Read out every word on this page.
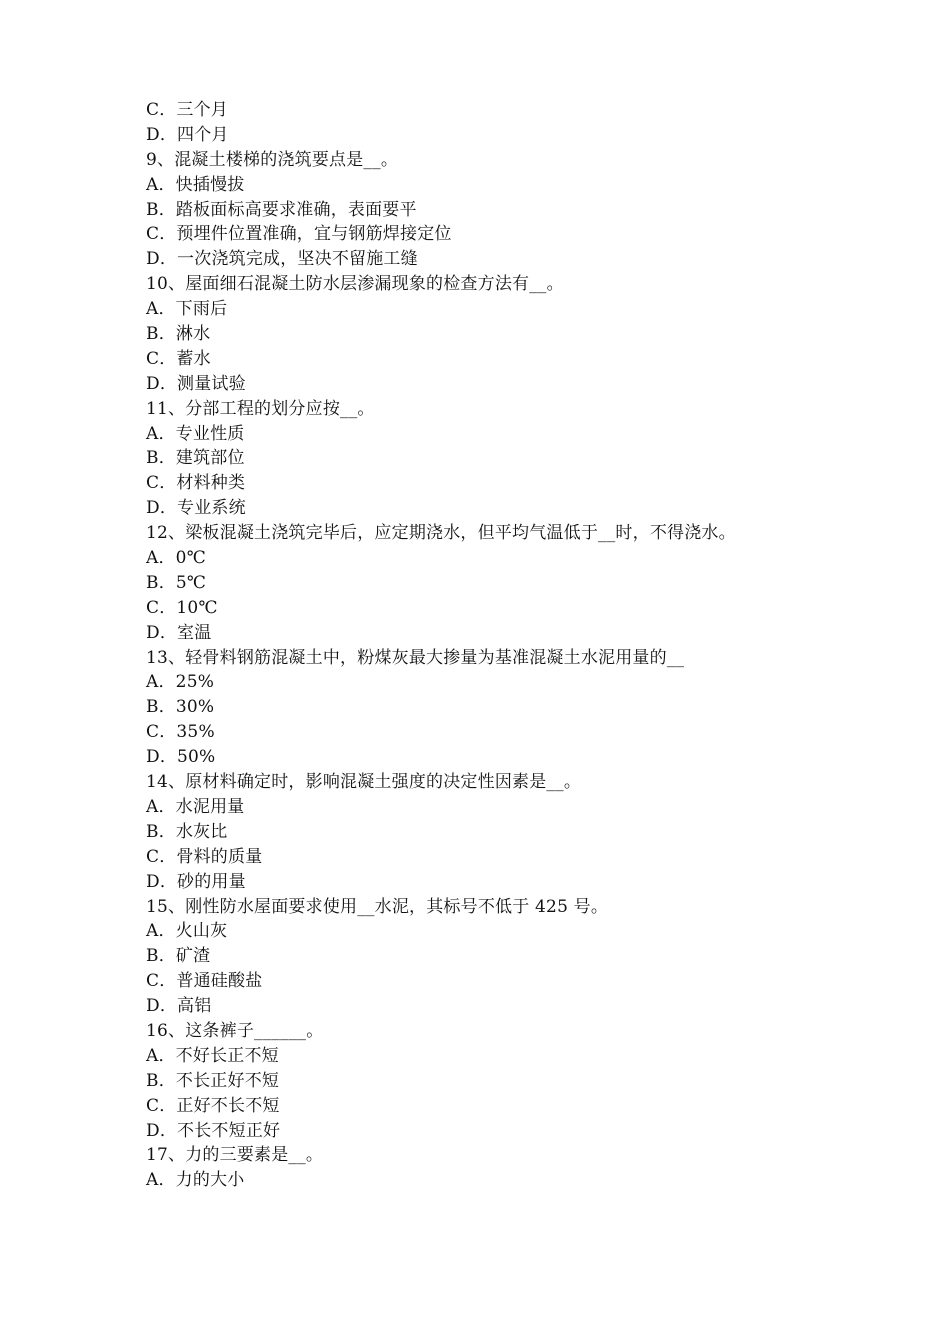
C．三个月
D．四个月
9、混凝土楼梯的浇筑要点是__。
A．快插慢拔
B．踏板面标高要求准确，表面要平
C．预埋件位置准确，宜与钢筋焊接定位
D．一次浇筑完成，坚决不留施工缝
10、屋面细石混凝土防水层渗漏现象的检查方法有__。
A．下雨后
B．淋水
C．蓄水
D．测量试验
11、分部工程的划分应按__。
A．专业性质
B．建筑部位
C．材料种类
D．专业系统
12、梁板混凝土浇筑完毕后，应定期浇水，但平均气温低于__时，不得浇水。
A．0℃
B．5℃
C．10℃
D．室温
13、轻骨料钢筋混凝土中，粉煤灰最大掺量为基准混凝土水泥用量的__
A．25%
B．30%
C．35%
D．50%
14、原材料确定时，影响混凝土强度的决定性因素是__。
A．水泥用量
B．水灰比
C．骨料的质量
D．砂的用量
15、刚性防水屋面要求使用__水泥，其标号不低于 425 号。
A．火山灰
B．矿渣
C．普通硅酸盐
D．高铝
16、这条裤子______。
A．不好长正不短
B．不长正好不短
C．正好不长不短
D．不长不短正好
17、力的三要素是__。
A．力的大小
